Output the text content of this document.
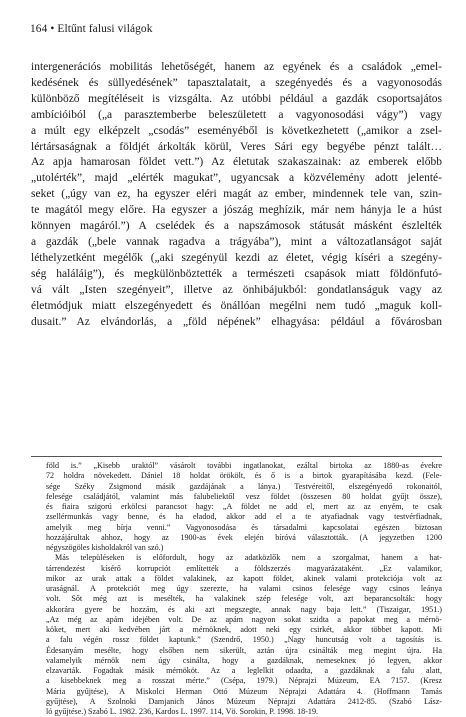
164 • Eltűnt falusi világok
intergenerációs mobilitás lehetőségét, hanem az egyének és a családok „emel-
kedésének és süllyedésének” tapasztalatait, a szegényedés és a vagyonosodás
különböző megítéléseit is vizsgálta. Az utóbbi például a gazdák csoportsajátos
ambícióiból („a parasztemberbe beleszületett a vagyonosodási vágy”) vagy
a múlt egy elképzelt „csodás” eseményéből is következhetett („amikor a zsel-
lértársaságnak a földjét árkolták körül, Veres Sári egy begyébe pénzt talált…
Az apja hamarosan földet vett.”) Az életutak szakaszainak: az emberek előbb
„utolérték”, majd „elérték magukat”, ugyancsak a közvélemény adott jelenté-
seket („úgy van ez, ha egyszer eléri magát az ember, mindennek tele van, szin-
te magától megy előre. Ha egyszer a jószág meghízik, már nem hányja le a húst
könnyen magáról.”) A cselédek és a napszámosok státusát másként észlelték
a gazdák („bele vannak ragadva a trágyába”), mint a változatlanságot saját
léthelyzetként megélők („aki szegényül kezdi az életet, végig kíséri a szegény-
ség haláláig”), és megkülönböztették a természeti csapások miatt földönfutó-
vá vált „Isten szegényeit”, illetve az önhibájukból: gondatlanságuk vagy az
életmódjuk miatt elszegényedett és önállóan megélni nem tudó „maguk koll-
dusait.” Az elvándorlás, a „föld népének” elhagyása: például a fővárosban
föld is.” „Kisebb uraktól” vásárolt további ingatlanokat, ezáltal birtoka az 1880-as évekre
72 holdra növekedett. Dániel 18 holdat örökölt, és ő is a birtok gyarapításába kezd. (Fele-
sége Széky Zsigmond másik gazdájának a lánya.) Testvéreitől, elszegényedő rokonaitól,
felesége családjától, valamint más falubeliektől vesz földet (összesen 80 holdat gyűjt össze),
és fiaira szigorú erkölcsi parancsot hagy: „A földet ne add el, mert az az enyém, te csak
zsellérmunkás vagy benne, és ha eladod, akkor add el a te atyafiadnak vagy testvérfiadnak,
amelyik meg bírja venni.” Vagyonosodása és társadalmi kapcsolatai egészen biztosan
hozzájárultak ahhoz, hogy az 1900-as évek elején bíróvá választották. (A jegyzetben 1200
négyszögöles kisholdakról van szó.)
Más településeken is előfordult, hogy az adatközlők nem a szorgalmat, hanem a hat-
tárrendezést kísérő korrupciót említették a földszerzés magyarázataként. „Ez valamikor,
mikor az urak attak a földet valakinek, az kapott földet, akinek valami protekciója volt az
uraságnál. A protekciót meg úgy szerezte, ha valami csinos felesége vagy csinos leánya
volt. Sőt még azt is mesélték, ha valakinek szép felesége volt, azt beparancsolták: hogy
akkorára gyere be hozzám, és aki azt megszegte, annak nagy baja lett.” (Tiszaigar, 1951.)
„Az még az apám idejében volt. De az apám nagyon sokat szidta a papokat meg a mérnö-
köket, mert aki kedvében járt a mérnöknek, adott neki egy csirkét, akkor többet kapott. Mi
a falu végén rossz földet kaptunk.” (Szendrő, 1950.) „Nagy huncutság volt a tagosítás is.
Édesanyám mesélte, hogy elsőben nem sikerült, aztán újra csinálták meg megint újra. Ha
valamelyik mérnök nem úgy csinálta, hogy a gazdáknak, nemesekneк jó legyen, akkor
elzavarták. Fogadtak másik mérnököt. Az a leglelkit odaadta, a gazdáknak a falu alatt,
a kisebbeknek meg a rosszat mérte.” (Csépa, 1979.) Néprajzi Múzeum, EA 7157. (Kresz
Mária gyűjtése), A Miskolci Herman Ottó Múzeum Néprajzi Adattára 4. (Hoffmann Tamás
gyűjtése), A Szolnoki Damjanich János Múzeum Néprajzi Adattára 2412-85. (Szabó Lász-
ló gyűjtése.) Szabó L. 1982. 236, Kardos L. 1997. 114, Vö. Sorokin, P. 1998. 18-19.
